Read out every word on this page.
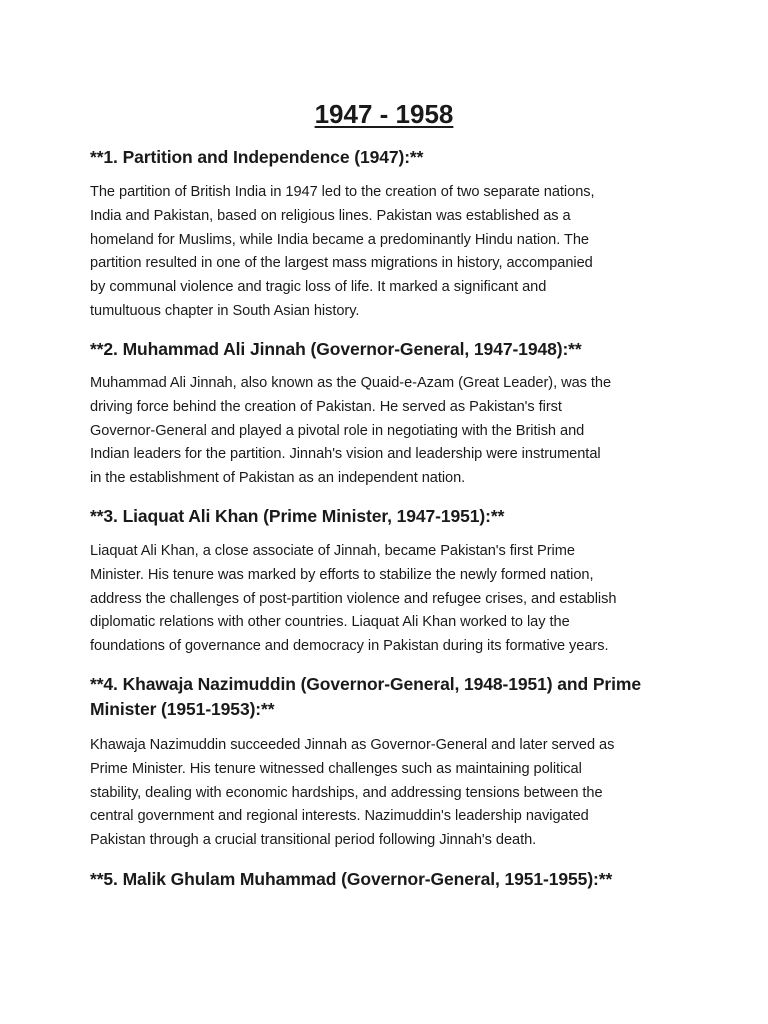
1947 - 1958
**1. Partition and Independence (1947):**

The partition of British India in 1947 led to the creation of two separate nations,
India and Pakistan, based on religious lines. Pakistan was established as a
homeland for Muslims, while India became a predominantly Hindu nation. The
partition resulted in one of the largest mass migrations in history, accompanied
by communal violence and tragic loss of life. It marked a significant and
tumultuous chapter in South Asian history.

**2. Muhammad Ali Jinnah (Governor-General, 1947-1948):**

Muhammad Ali Jinnah, also known as the Quaid-e-Azam (Great Leader), was the
driving force behind the creation of Pakistan. He served as Pakistan's first
Governor-General and played a pivotal role in negotiating with the British and
Indian leaders for the partition. Jinnah's vision and leadership were instrumental
in the establishment of Pakistan as an independent nation.

**3. Liaquat Ali Khan (Prime Minister, 1947-1951):**

Liaquat Ali Khan, a close associate of Jinnah, became Pakistan's first Prime
Minister. His tenure was marked by efforts to stabilize the newly formed nation,
address the challenges of post-partition violence and refugee crises, and establish
diplomatic relations with other countries. Liaquat Ali Khan worked to lay the
foundations of governance and democracy in Pakistan during its formative years.

**4. Khawaja Nazimuddin (Governor-General, 1948-1951) and Prime
Minister (1951-1953):**

Khawaja Nazimuddin succeeded Jinnah as Governor-General and later served as
Prime Minister. His tenure witnessed challenges such as maintaining political
stability, dealing with economic hardships, and addressing tensions between the
central government and regional interests. Nazimuddin's leadership navigated
Pakistan through a crucial transitional period following Jinnah's death.

**5. Malik Ghulam Muhammad (Governor-General, 1951-1955):**
